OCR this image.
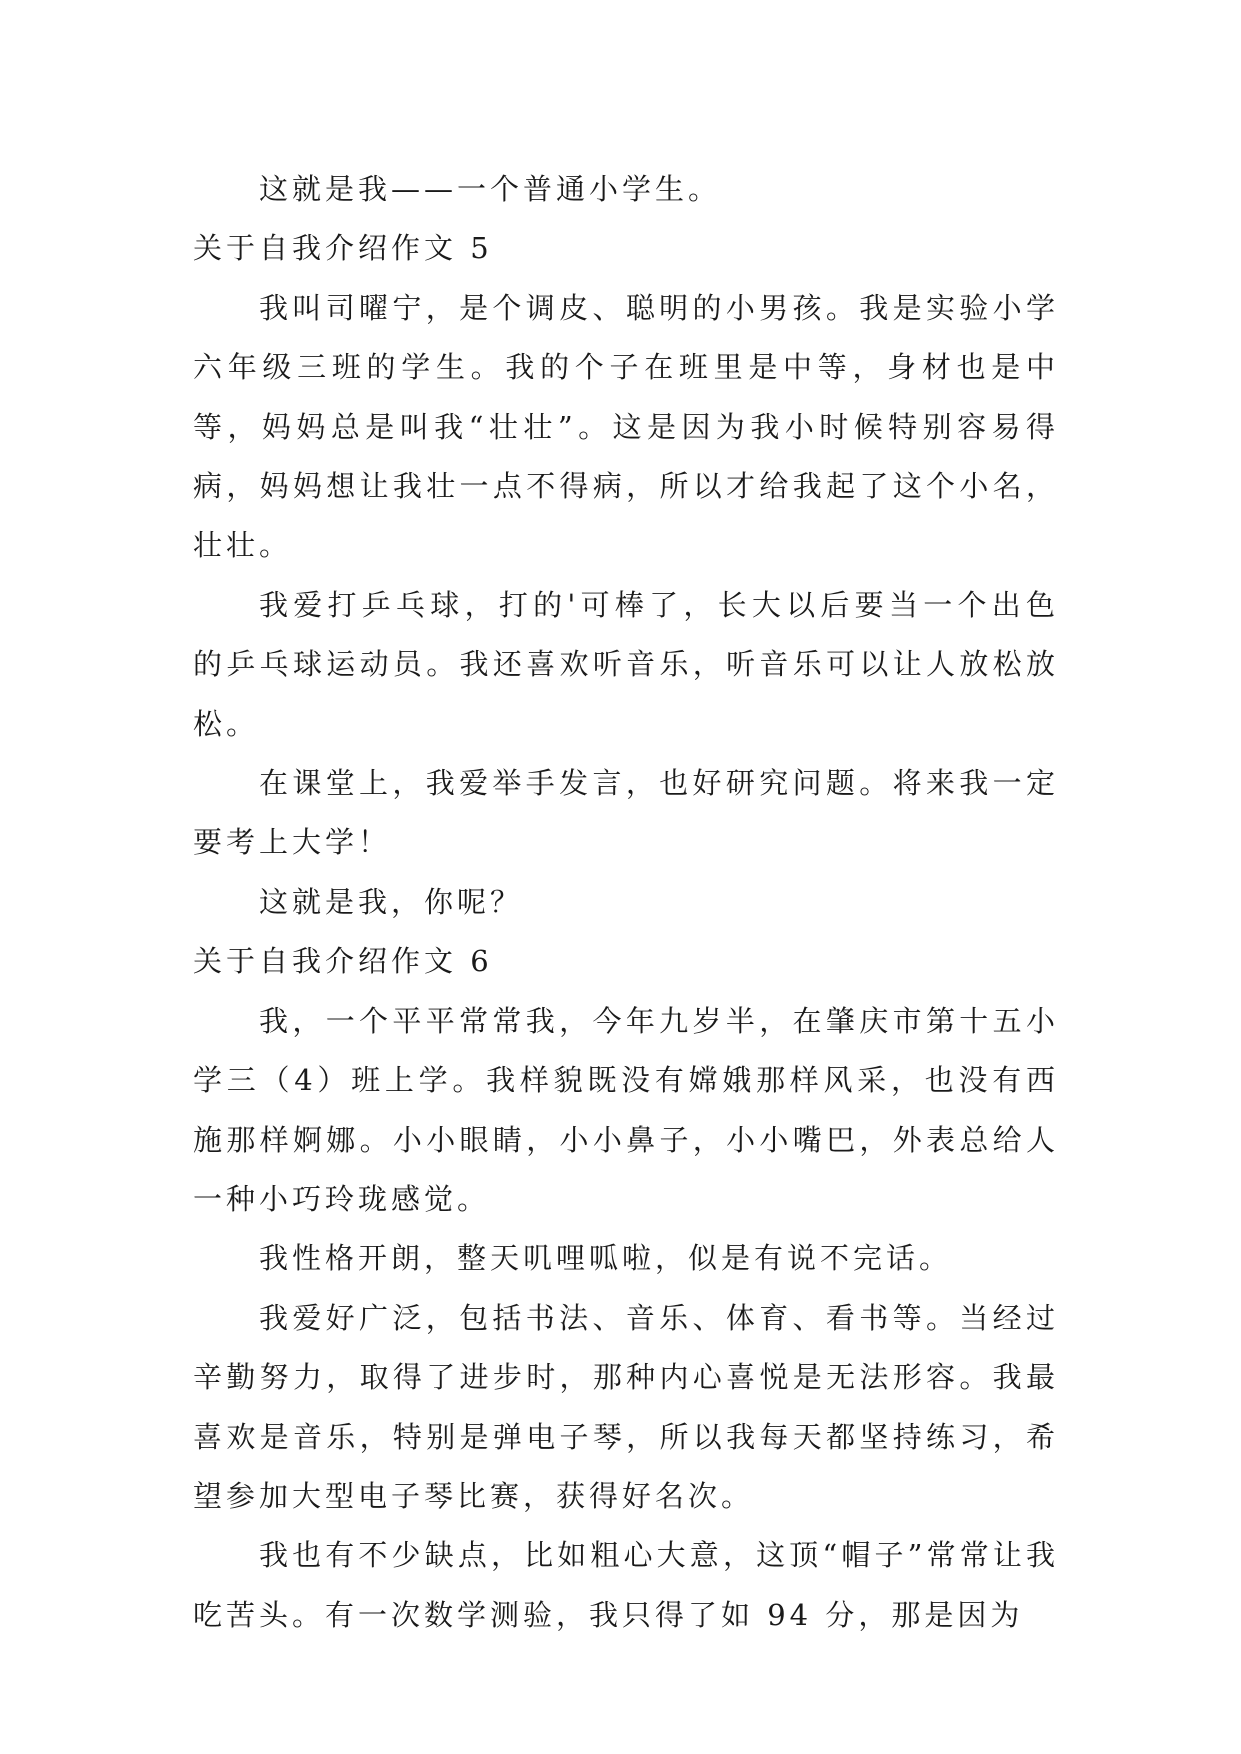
这就是我——一个普通小学生。

关于自我介绍作文 5

我叫司曜宁，是个调皮、聪明的小男孩。我是实验小学六年级三班的学生。我的个子在班里是中等，身材也是中等，妈妈总是叫我“壮壮”。这是因为我小时候特别容易得病，妈妈想让我壮一点不得病，所以才给我起了这个小名，壮壮。

我爱打乒乓球，打的'可棒了，长大以后要当一个出色的乒乓球运动员。我还喜欢听音乐，听音乐可以让人放松放松。

在课堂上，我爱举手发言，也好研究问题。将来我一定要考上大学！

这就是我，你呢？

关于自我介绍作文 6

我，一个平平常常我，今年九岁半，在肇庆市第十五小学三（4）班上学。我样貌既没有嫦娥那样风采，也没有西施那样婀娜。小小眼睛，小小鼻子，小小嘴巴，外表总给人一种小巧玲珑感觉。

我性格开朗，整天叽哩呱啦，似是有说不完话。

我爱好广泛，包括书法、音乐、体育、看书等。当经过辛勤努力，取得了进步时，那种内心喜悦是无法形容。我最喜欢是音乐，特别是弹电子琴，所以我每天都坚持练习，希望参加大型电子琴比赛，获得好名次。

我也有不少缺点，比如粗心大意，这顶“帽子”常常让我吃苦头。有一次数学测验，我只得了如 94 分，那是因为
